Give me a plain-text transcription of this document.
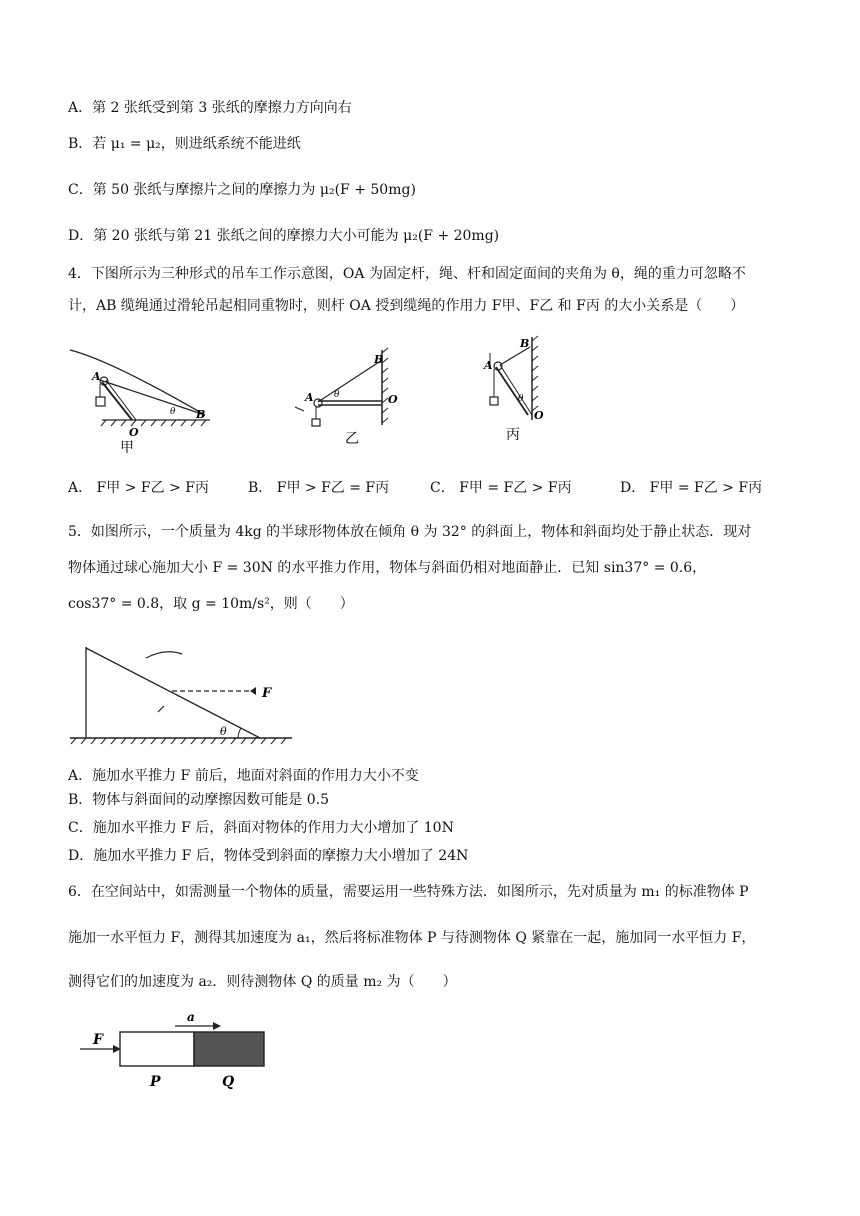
A．第 2 张纸受到第 3 张纸的摩擦力方向向右
B．若 μ₁ = μ₂，则进纸系统不能进纸
C．第 50 张纸与摩擦片之间的摩擦力为 μ₂(F + 50mg)
D．第 20 张纸与第 21 张纸之间的摩擦力大小可能为 μ₂(F + 20mg)
4．下图所示为三种形式的吊车工作示意图，OA 为固定杆，绳、杆和固定面间的夹角为 θ，绳的重力可忽略不
计，AB 缆绳通过滑轮吊起相同重物时，则杆 OA 授到缆绳的作用力 F甲、F乙 和 F丙 的大小关系是（　　）
A
B
θ
O
甲
B
A	O
θ
乙
B
A
O
θ
丙
A． F甲 > F乙 > F丙	B． F甲 > F乙 = F丙	C． F甲 = F乙 > F丙	D． F甲 = F乙 > F丙
5．如图所示，一个质量为 4kg 的半球形物体放在倾角 θ 为 32° 的斜面上，物体和斜面均处于静止状态．现对
物体通过球心施加大小 F = 30N 的水平推力作用，物体与斜面仍相对地面静止．已知 sin37° = 0.6，
cos37° = 0.8，取 g = 10m/s²，则（　　）
F
θ
A．施加水平推力 F 前后，地面对斜面的作用力大小不变
B．物体与斜面间的动摩擦因数可能是 0.5
C．施加水平推力 F 后，斜面对物体的作用力大小增加了 10N
D．施加水平推力 F 后，物体受到斜面的摩擦力大小增加了 24N
6．在空间站中，如需测量一个物体的质量，需要运用一些特殊方法．如图所示，先对质量为 m₁ 的标准物体 P
施加一水平恒力 F，测得其加速度为 a₁，然后将标准物体 P 与待测物体 Q 紧靠在一起，施加同一水平恒力 F，
测得它们的加速度为 a₂．则待测物体 Q 的质量 m₂ 为（　　）
a
F
P	Q
